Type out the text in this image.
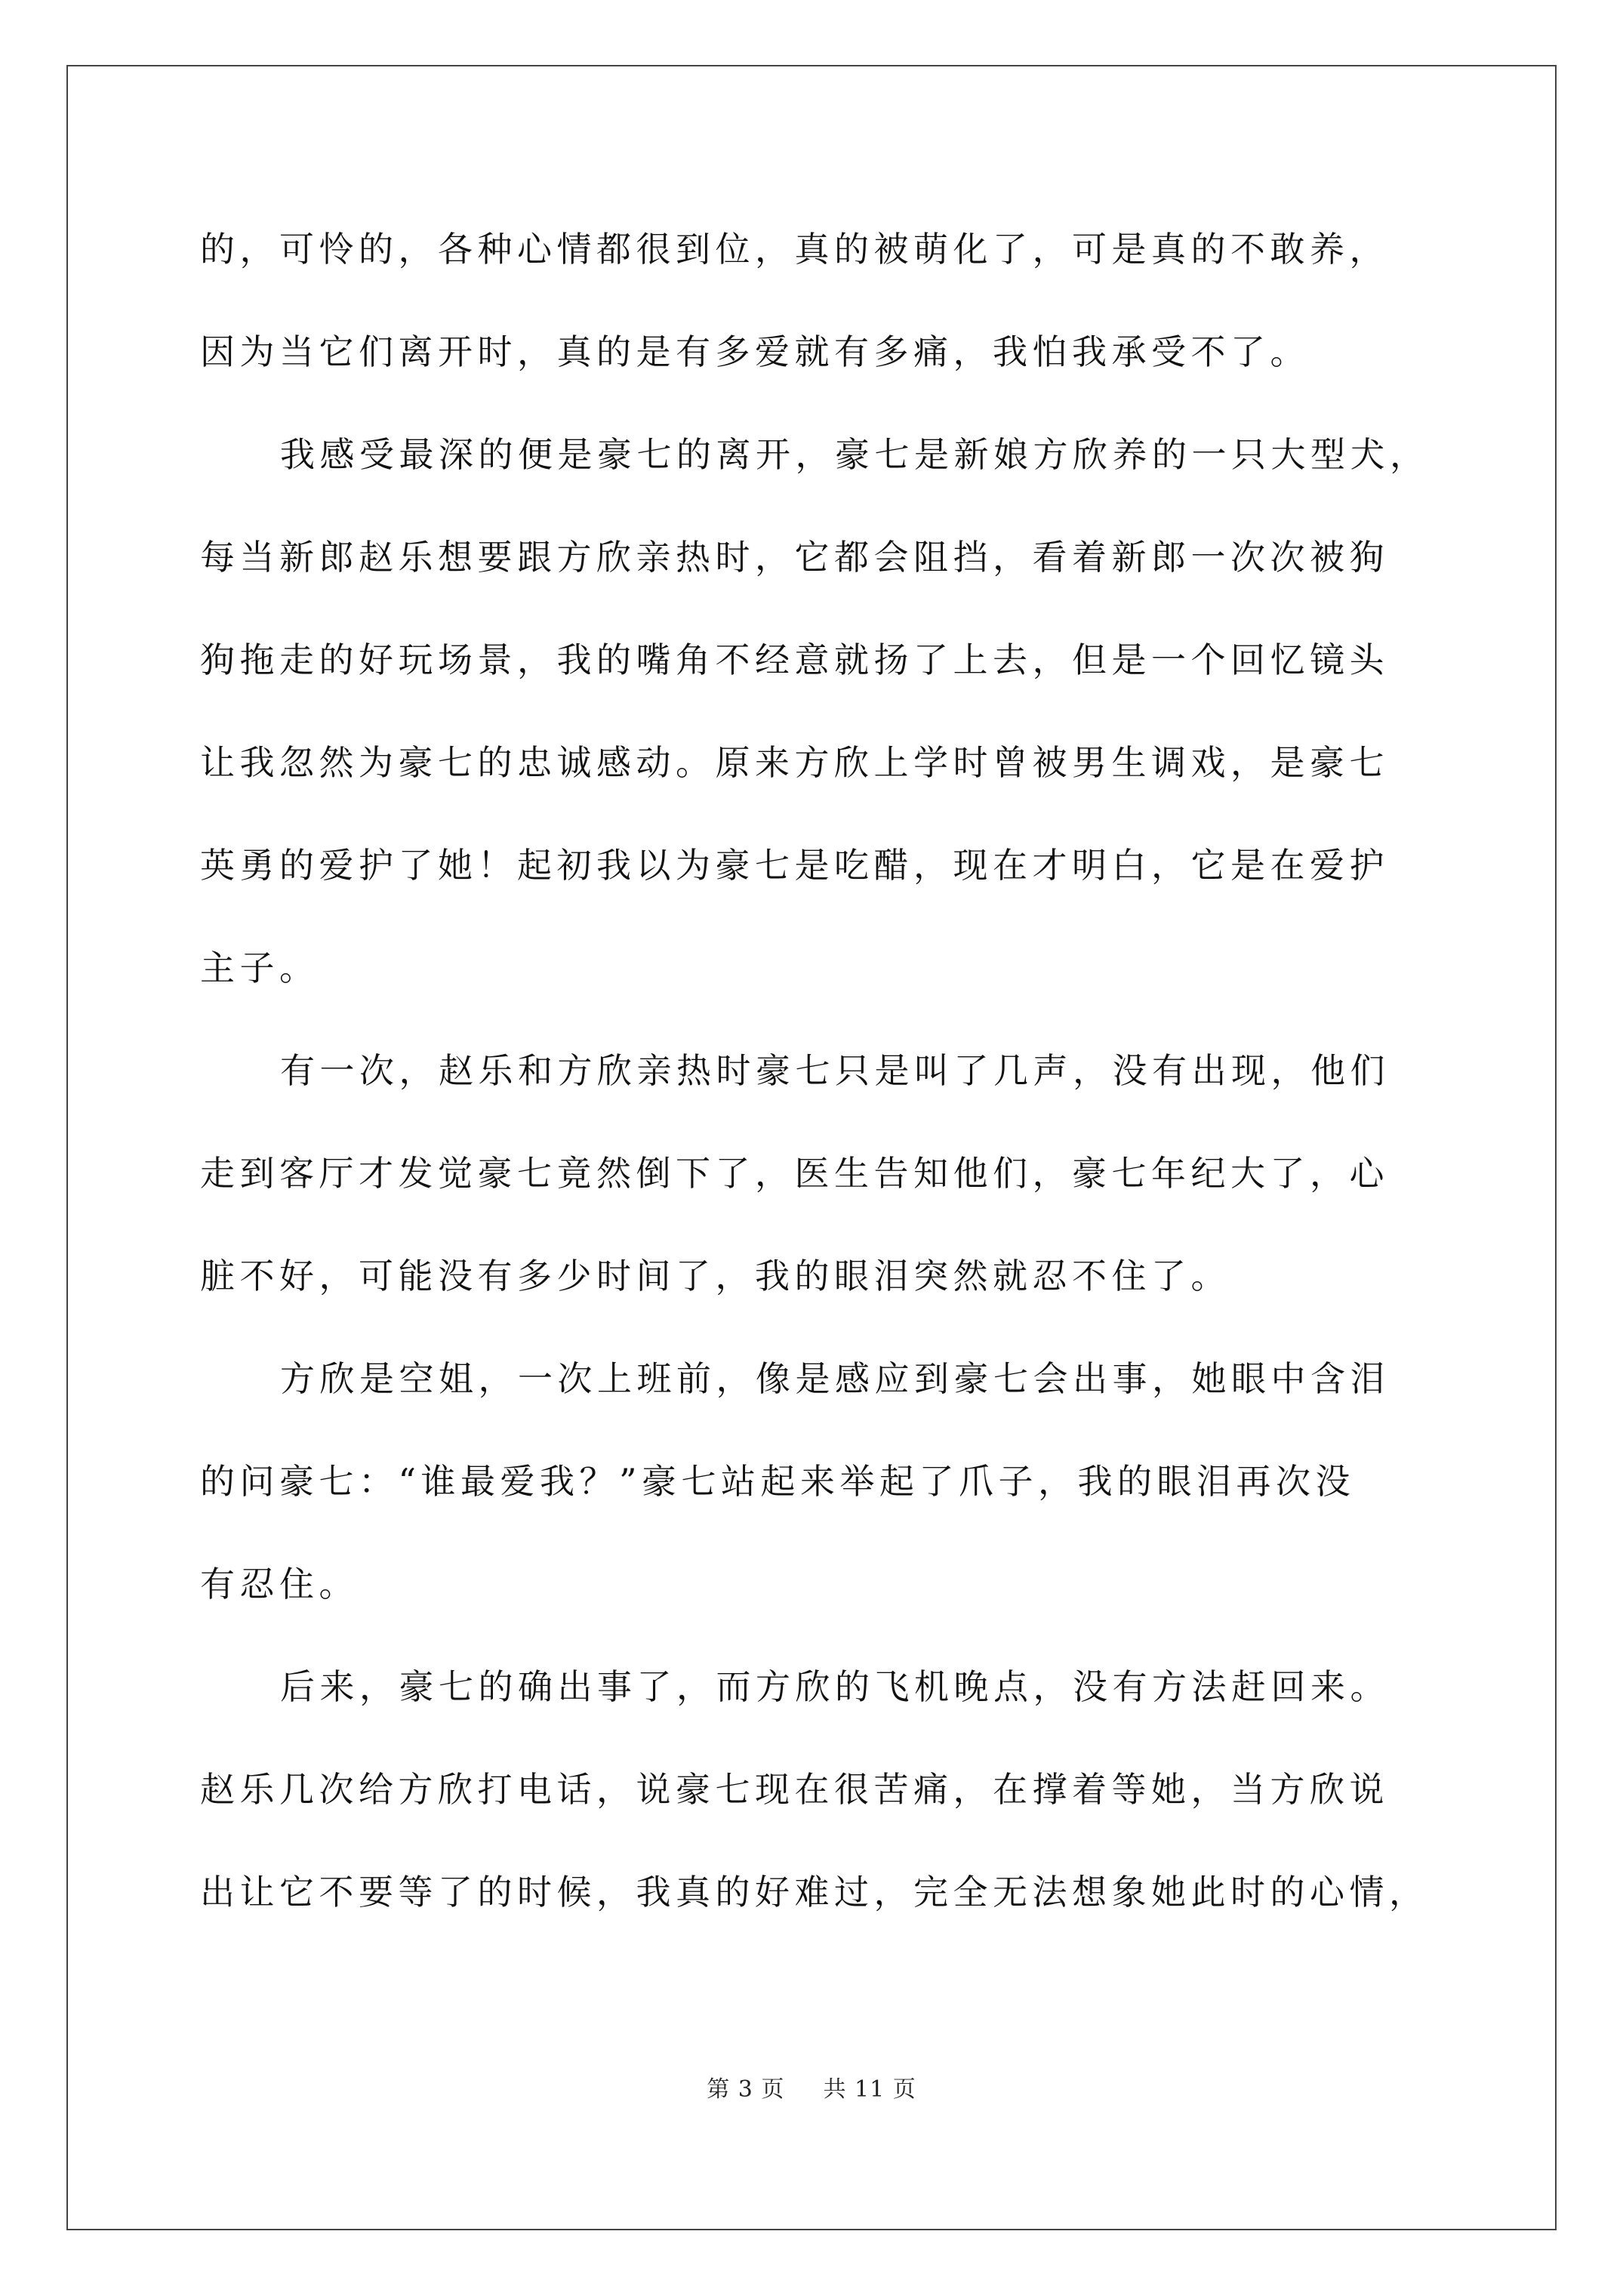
的，可怜的，各种心情都很到位，真的被萌化了，可是真的不敢养，
因为当它们离开时，真的是有多爱就有多痛，我怕我承受不了。
我感受最深的便是豪七的离开，豪七是新娘方欣养的一只大型犬，
每当新郎赵乐想要跟方欣亲热时，它都会阻挡，看着新郎一次次被狗
狗拖走的好玩场景，我的嘴角不经意就扬了上去，但是一个回忆镜头
让我忽然为豪七的忠诚感动。原来方欣上学时曾被男生调戏，是豪七
英勇的爱护了她！起初我以为豪七是吃醋，现在才明白，它是在爱护
主子。
有一次，赵乐和方欣亲热时豪七只是叫了几声，没有出现，他们
走到客厅才发觉豪七竟然倒下了，医生告知他们，豪七年纪大了，心
脏不好，可能没有多少时间了，我的眼泪突然就忍不住了。
方欣是空姐，一次上班前，像是感应到豪七会出事，她眼中含泪
的问豪七：“谁最爱我？”豪七站起来举起了爪子，我的眼泪再次没
有忍住。
后来，豪七的确出事了，而方欣的飞机晚点，没有方法赶回来。
赵乐几次给方欣打电话，说豪七现在很苦痛，在撑着等她，当方欣说
出让它不要等了的时候，我真的好难过，完全无法想象她此时的心情，
第 3 页 共 11 页
